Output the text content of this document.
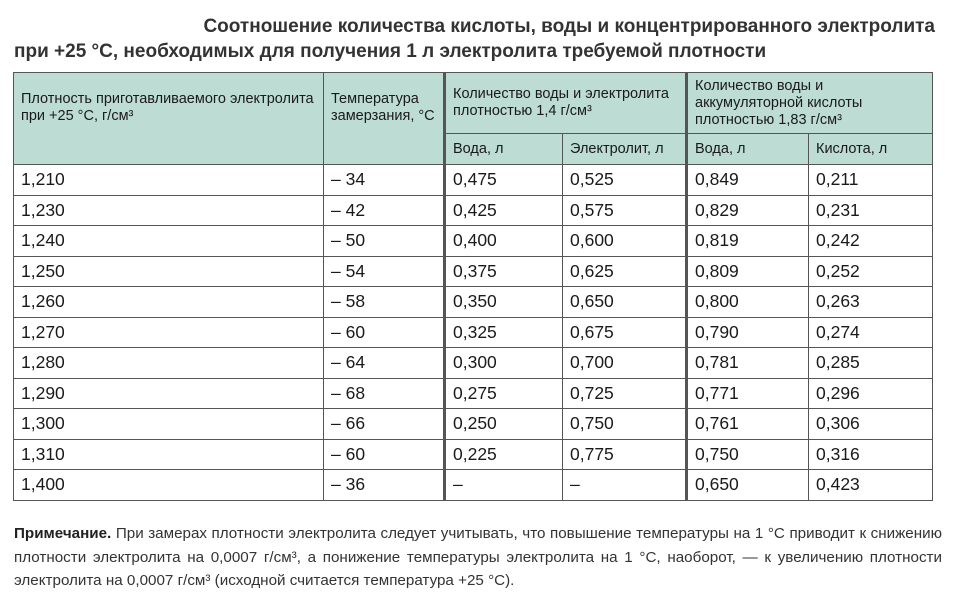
Соотношение количества кислоты, воды и концентрированного электролита
при +25 °С, необходимых для получения 1 л электролита требуемой плотности
Плотность приготавливаемого электролита при +25 °С, г/см³	Температура замерзания, °С	Количество воды и электролита плотностью 1,4 г/см³		Количество воды и аккумуляторной кислоты плотностью 1,83 г/см³	
		Вода, л	Электролит, л	Вода, л	Кислота, л
1,210	– 34	0,475	0,525	0,849	0,211
1,230	– 42	0,425	0,575	0,829	0,231
1,240	– 50	0,400	0,600	0,819	0,242
1,250	– 54	0,375	0,625	0,809	0,252
1,260	– 58	0,350	0,650	0,800	0,263
1,270	– 60	0,325	0,675	0,790	0,274
1,280	– 64	0,300	0,700	0,781	0,285
1,290	– 68	0,275	0,725	0,771	0,296
1,300	– 66	0,250	0,750	0,761	0,306
1,310	– 60	0,225	0,775	0,750	0,316
1,400	– 36	–	–	0,650	0,423
Примечание. При замерах плотности электролита следует учитывать, что повышение температуры на 1 °С приводит к снижению плотности электролита на 0,0007 г/см³, а понижение температуры электролита на 1 °С, наоборот, — к увеличению плотности электролита на 0,0007 г/см³ (исходной считается температура +25 °С).
